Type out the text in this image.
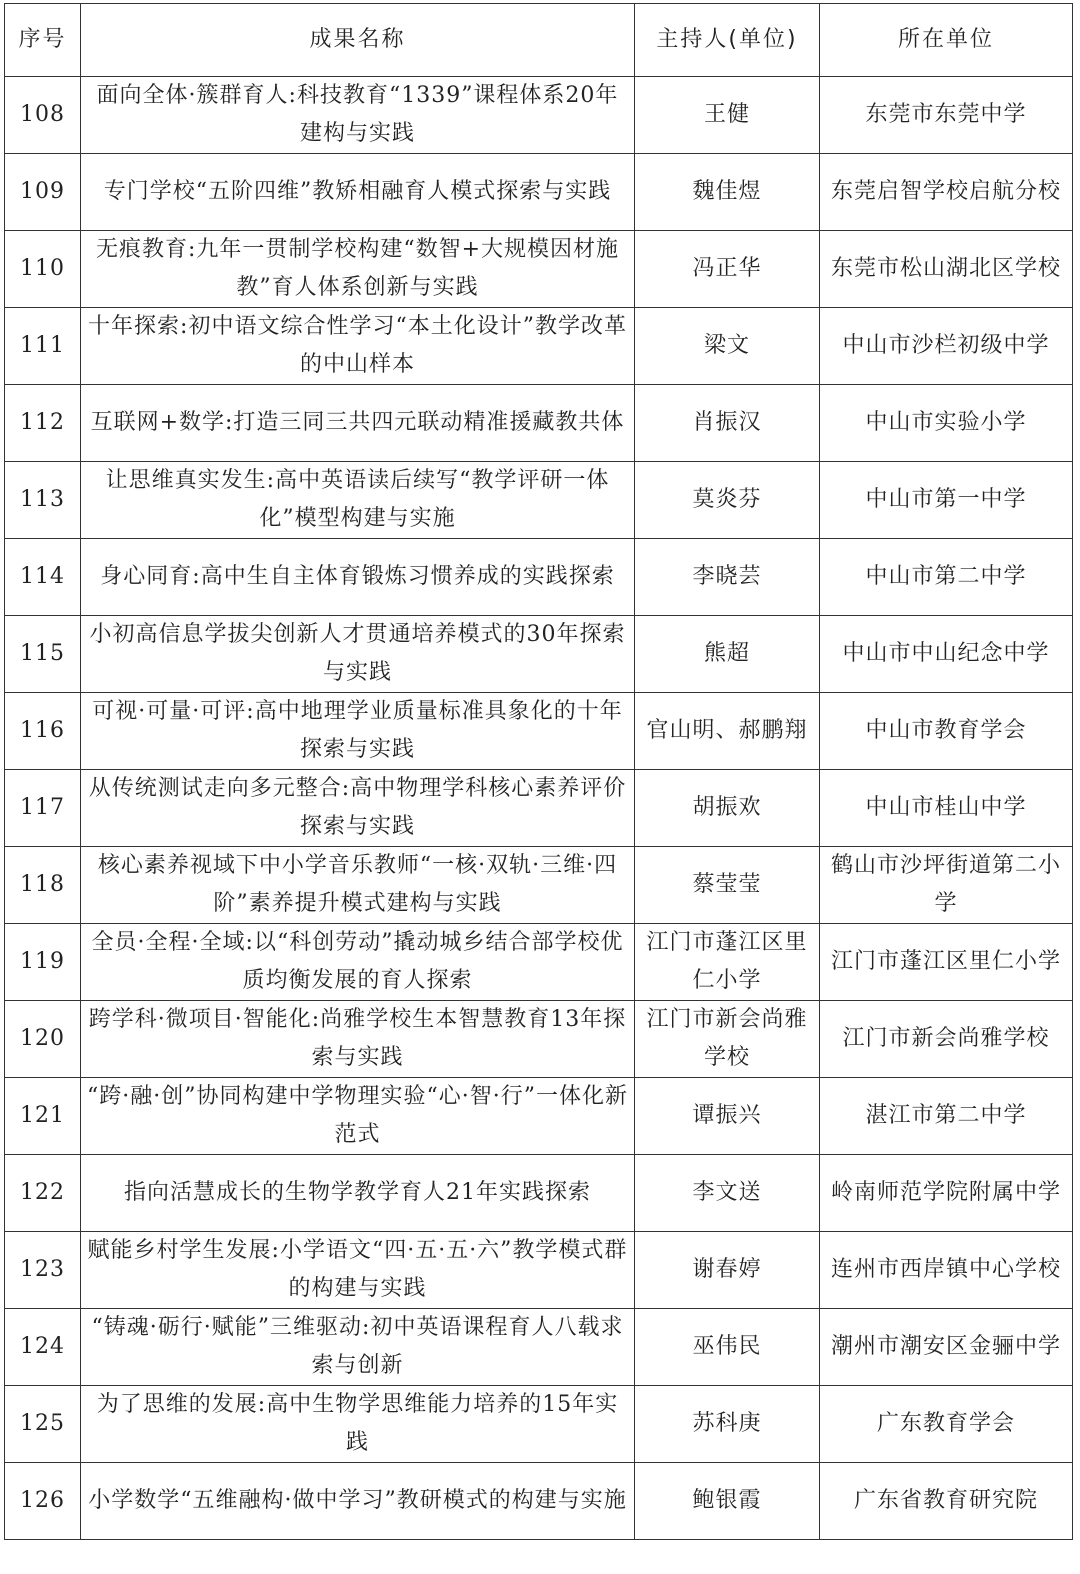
序号	成果名称	主持人(单位)	所在单位
108	面向全体·簇群育人:科技教育“1339”课程体系20年建构与实践	王健	东莞市东莞中学
109	专门学校“五阶四维”教矫相融育人模式探索与实践	魏佳煜	东莞启智学校启航分校
110	无痕教育:九年一贯制学校构建“数智+大规模因材施教”育人体系创新与实践	冯正华	东莞市松山湖北区学校
111	十年探索:初中语文综合性学习“本土化设计”教学改革的中山样本	梁文	中山市沙栏初级中学
112	互联网+数学:打造三同三共四元联动精准援藏教共体	肖振汉	中山市实验小学
113	让思维真实发生:高中英语读后续写“教学评研一体化”模型构建与实施	莫炎芬	中山市第一中学
114	身心同育:高中生自主体育锻炼习惯养成的实践探索	李晓芸	中山市第二中学
115	小初高信息学拔尖创新人才贯通培养模式的30年探索与实践	熊超	中山市中山纪念中学
116	可视·可量·可评:高中地理学业质量标准具象化的十年探索与实践	官山明、郝鹏翔	中山市教育学会
117	从传统测试走向多元整合:高中物理学科核心素养评价探索与实践	胡振欢	中山市桂山中学
118	核心素养视域下中小学音乐教师“一核·双轨·三维·四阶”素养提升模式建构与实践	蔡莹莹	鹤山市沙坪街道第二小学
119	全员·全程·全域:以“科创劳动”撬动城乡结合部学校优质均衡发展的育人探索	江门市蓬江区里仁小学	江门市蓬江区里仁小学
120	跨学科·微项目·智能化:尚雅学校生本智慧教育13年探索与实践	江门市新会尚雅学校	江门市新会尚雅学校
121	“跨·融·创”协同构建中学物理实验“心·智·行”一体化新范式	谭振兴	湛江市第二中学
122	指向活慧成长的生物学教学育人21年实践探索	李文送	岭南师范学院附属中学
123	赋能乡村学生发展:小学语文“四·五·五·六”教学模式群的构建与实践	谢春婷	连州市西岸镇中心学校
124	“铸魂·砺行·赋能”三维驱动:初中英语课程育人八载求索与创新	巫伟民	潮州市潮安区金骊中学
125	为了思维的发展:高中生物学思维能力培养的15年实践	苏科庚	广东教育学会
126	小学数学“五维融构·做中学习”教研模式的构建与实施	鲍银霞	广东省教育研究院
